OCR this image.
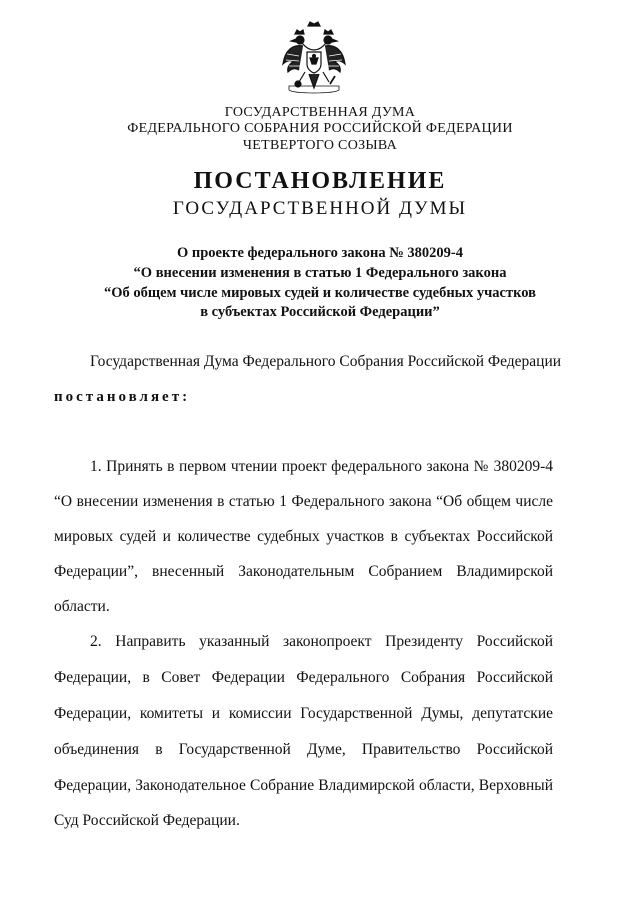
ГОСУДАРСТВЕННАЯ ДУМА
ФЕДЕРАЛЬНОГО СОБРАНИЯ РОССИЙСКОЙ ФЕДЕРАЦИИ
ЧЕТВЕРТОГО СОЗЫВА
ПОСТАНОВЛЕНИЕ
ГОСУДАРСТВЕННОЙ ДУМЫ
О проекте федерального закона № 380209-4
“О внесении изменения в статью 1 Федерального закона
“Об общем числе мировых судей и количестве судебных участков
в субъектах Российской Федерации”
Государственная Дума Федерального Собрания Российской Федерации
постановляет:
1. Принять в первом чтении проект федерального закона № 380209-4
“О внесении изменения в статью 1 Федерального закона “Об общем числе
мировых судей и количестве судебных участков в субъектах Российской
Федерации”, внесенный Законодательным Собранием Владимирской
области.
2. Направить указанный законопроект Президенту Российской
Федерации, в Совет Федерации Федерального Собрания Российской
Федерации, комитеты и комиссии Государственной Думы, депутатские
объединения в Государственной Думе, Правительство Российской
Федерации, Законодательное Собрание Владимирской области, Верховный
Суд Российской Федерации.
